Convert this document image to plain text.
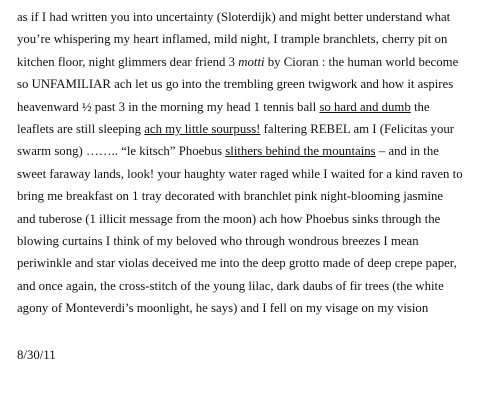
as if I had written you into uncertainty (Sloterdijk) and might better understand what
you’re whispering my heart inflamed, mild night, I trample branchlets, cherry pit on
kitchen floor, night glimmers dear friend 3 motti by Cioran : the human world become
so UNFAMILIAR ach let us go into the trembling green twigwork and how it aspires
heavenward ½ past 3 in the morning my head 1 tennis ball so hard and dumb the
leaflets are still sleeping ach my little sourpuss! faltering REBEL am I (Felicitas your
swarm song) …….. “le kitsch” Phoebus slithers behind the mountains – and in the
sweet faraway lands, look! your haughty water raged while I waited for a kind raven to
bring me breakfast on 1 tray decorated with branchlet pink night-blooming jasmine
and tuberose (1 illicit message from the moon) ach how Phoebus sinks through the
blowing curtains I think of my beloved who through wondrous breezes I mean
periwinkle and star violas deceived me into the deep grotto made of deep crepe paper,
and once again, the cross-stitch of the young lilac, dark daubs of fir trees (the white
agony of Monteverdi’s moonlight, he says) and I fell on my visage on my vision
8/30/11
